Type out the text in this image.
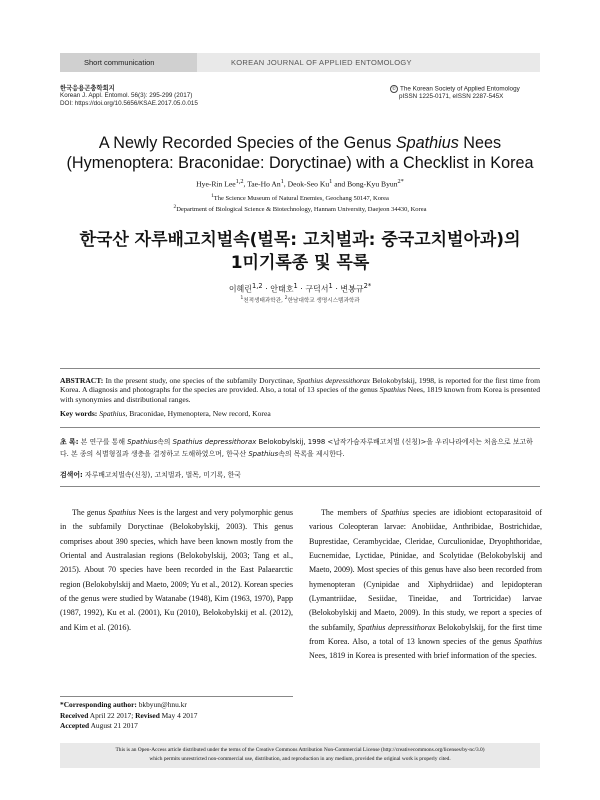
Short communication	KOREAN JOURNAL OF APPLIED ENTOMOLOGY
한국응용곤충학회지
Korean J. Appl. Entomol. 56(3): 295-299 (2017)
DOI: https://doi.org/10.5656/KSAE.2017.05.0.015
© The Korean Society of Applied Entomology
pISSN 1225-0171, eISSN 2287-545X
A Newly Recorded Species of the Genus Spathius Nees
(Hymenoptera: Braconidae: Doryctinae) with a Checklist in Korea
Hye-Rin Lee$^{1,2}$, Tae-Ho An$^1$, Deok-Seo Ku$^1$ and Bong-Kyu Byun$^{2*}$
$^1$The Science Museum of Natural Enemies, Geochang 50147, Korea
$^2$Department of Biological Science & Biotechnology, Hannam University, Daejeon 34430, Korea
한국산 자루배고치벌속(벌목: 고치벌과: 중국고치벌아과)의
1미기록종 및 목록
이혜린$^{1,2}$ · 안태호$^1$ · 구덕서$^1$ · 변봉규$^{2*}$
$^1$천적생태과학관, $^2$한남대학교 생명시스템과학과
ABSTRACT: In the present study, one species of the subfamily Doryctinae, Spathius depressithorax Belokobylskij, 1998, is reported for the first time from Korea. A diagnosis and photographs for the species are provided. Also, a total of 13 species of the genus Spathius Nees, 1819 known from Korea is presented with synonymies and distributional ranges.
Key words: Spathius, Braconidae, Hymenoptera, New record, Korea
초 록: 본 연구를 통해 Spathius속의 Spathius depressithorax Belokobylskij, 1998 <납작가슴자루배고치벌 (신칭)>을 우리나라에서는 처음으로 보고하다. 본 종의 식별형질과 생충을 결정하고 도해하였으며, 한국산 Spathius속의 목록을 제시한다.
검색어: 자루배고치벌속(신칭), 고치벌과, 벌목, 미기록, 한국

The genus Spathius Nees is the largest and very polymorphic genus in the subfamily Doryctinae (Belokobylskij, 2003). This genus comprises about 390 species, which have been known mostly from the Oriental and Australasian regions (Belokobylskij, 2003; Tang et al., 2015). About 70 species have been recorded in the East Palaearctic region (Belokobylskij and Maeto, 2009; Yu et al., 2012). Korean species of the genus were studied by Watanabe (1948), Kim (1963, 1970), Papp (1987, 1992), Ku et al. (2001), Ku (2010), Belokobylskij et al. (2012), and Kim et al. (2016).

The members of Spathius species are idiobiont ectoparasitoid of various Coleopteran larvae: Anobiidae, Anthribidae, Bostrichidae, Buprestidae, Cerambycidae, Cleridae, Curculionidae, Dryophthoridae, Eucnemidae, Lyctidae, Ptinidae, and Scolytidae (Belokobylskij and Maeto, 2009). Most species of this genus have also been recorded from hymenopteran (Cynipidae and Xiphydriidae) and lepidopteran (Lymantriidae, Sesiidae, Tineidae, and Tortricidae) larvae (Belokobylskij and Maeto, 2009). In this study, we report a species of the subfamily, Spathius depressithorax Belokobylskij, for the first time from Korea. Also, a total of 13 known species of the genus Spathius Nees, 1819 in Korea is presented with brief information of the species.

*Corresponding author: bkbyun@hnu.kr
Received April 22 2017; Revised May 4 2017
Accepted August 21 2017
This is an Open-Access article distributed under the terms of the Creative Commons Attribution Non-Commercial License (http://creativecommons.org/licenses/by-nc/3.0)
which permits unrestricted non-commercial use, distribution, and reproduction in any medium, provided the original work is properly cited.
